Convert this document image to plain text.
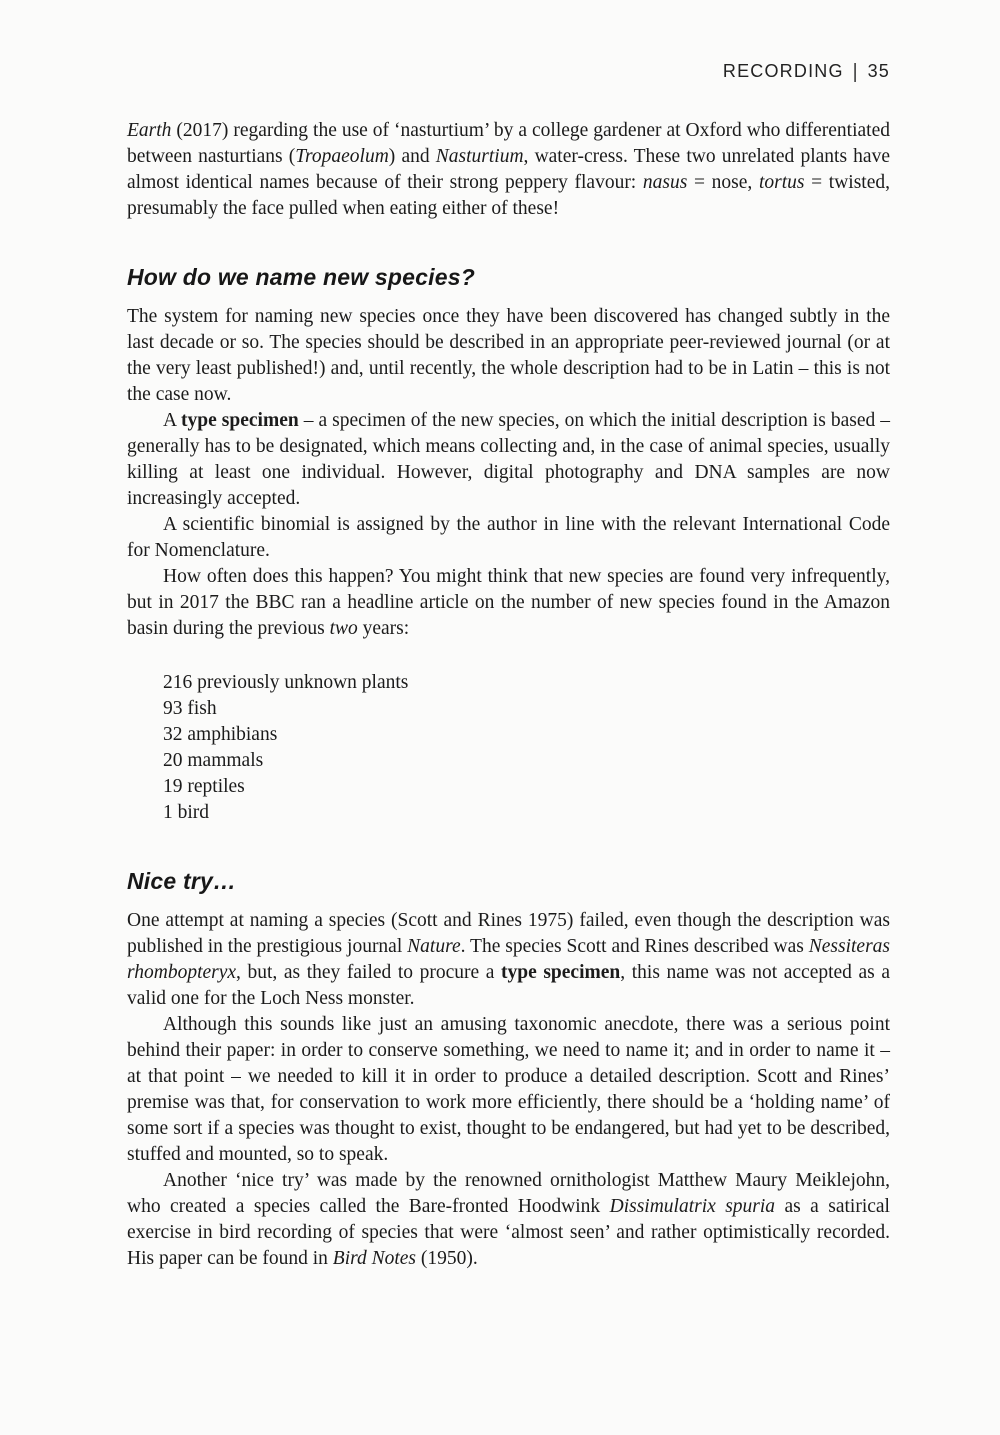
RECORDING | 35

Earth (2017) regarding the use of ‘nasturtium’ by a college gardener at Oxford who differentiated between nasturtians (Tropaeolum) and Nasturtium, water-cress. These two unrelated plants have almost identical names because of their strong peppery flavour: nasus = nose, tortus = twisted, presumably the face pulled when eating either of these!

How do we name new species?

The system for naming new species once they have been discovered has changed subtly in the last decade or so. The species should be described in an appropriate peer-reviewed journal (or at the very least published!) and, until recently, the whole description had to be in Latin – this is not the case now.

A type specimen – a specimen of the new species, on which the initial description is based – generally has to be designated, which means collecting and, in the case of animal species, usually killing at least one individual. However, digital photography and DNA samples are now increasingly accepted.

A scientific binomial is assigned by the author in line with the relevant International Code for Nomenclature.

How often does this happen? You might think that new species are found very infrequently, but in 2017 the BBC ran a headline article on the number of new species found in the Amazon basin during the previous two years:

216 previously unknown plants
93 fish
32 amphibians
20 mammals
19 reptiles
1 bird
Nice try…

One attempt at naming a species (Scott and Rines 1975) failed, even though the description was published in the prestigious journal Nature. The species Scott and Rines described was Nessiteras rhombopteryx, but, as they failed to procure a type specimen, this name was not accepted as a valid one for the Loch Ness monster.

Although this sounds like just an amusing taxonomic anecdote, there was a serious point behind their paper: in order to conserve something, we need to name it; and in order to name it – at that point – we needed to kill it in order to produce a detailed description. Scott and Rines’ premise was that, for conservation to work more efficiently, there should be a ‘holding name’ of some sort if a species was thought to exist, thought to be endangered, but had yet to be described, stuffed and mounted, so to speak.

Another ‘nice try’ was made by the renowned ornithologist Matthew Maury Meiklejohn, who created a species called the Bare-fronted Hoodwink Dissimulatrix spuria as a satirical exercise in bird recording of species that were ‘almost seen’ and rather optimistically recorded. His paper can be found in Bird Notes (1950).
